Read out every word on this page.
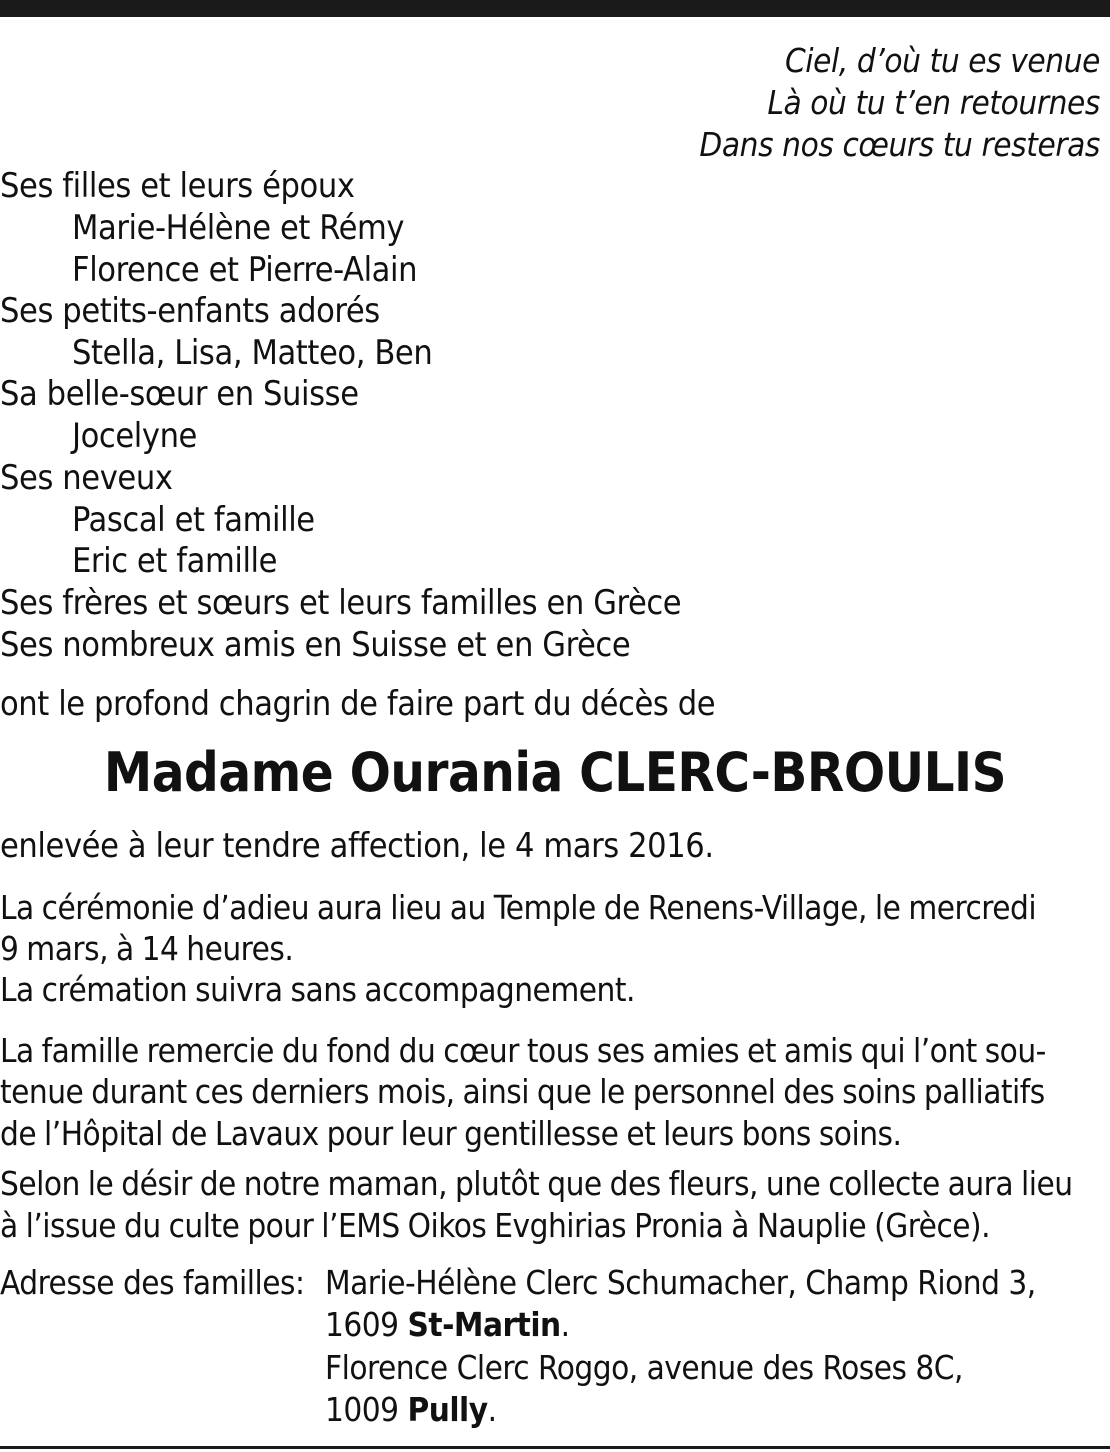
Ciel, d’où tu es venue
Là où tu t’en retournes
Dans nos cœurs tu resteras
Ses filles et leurs époux
Marie-Hélène et Rémy
Florence et Pierre-Alain
Ses petits-enfants adorés
Stella, Lisa, Matteo, Ben
Sa belle-sœur en Suisse
Jocelyne
Ses neveux
Pascal et famille
Eric et famille
Ses frères et sœurs et leurs familles en Grèce
Ses nombreux amis en Suisse et en Grèce
ont le profond chagrin de faire part du décès de
Madame Ourania CLERC-BROULIS
enlevée à leur tendre affection, le 4 mars 2016.
La cérémonie d’adieu aura lieu au Temple de Renens-Village, le mercredi
9 mars, à 14 heures.
La crémation suivra sans accompagnement.
La famille remercie du fond du cœur tous ses amies et amis qui l’ont sou-
tenue durant ces derniers mois, ainsi que le personnel des soins palliatifs
de l’Hôpital de Lavaux pour leur gentillesse et leurs bons soins.
Selon le désir de notre maman, plutôt que des fleurs, une collecte aura lieu
à l’issue du culte pour l’EMS Oikos Evghirias Pronia à Nauplie (Grèce).
Adresse des familles: Marie-Hélène Clerc Schumacher, Champ Riond 3,
1609 St-Martin.
Florence Clerc Roggo, avenue des Roses 8C,
1009 Pully.
